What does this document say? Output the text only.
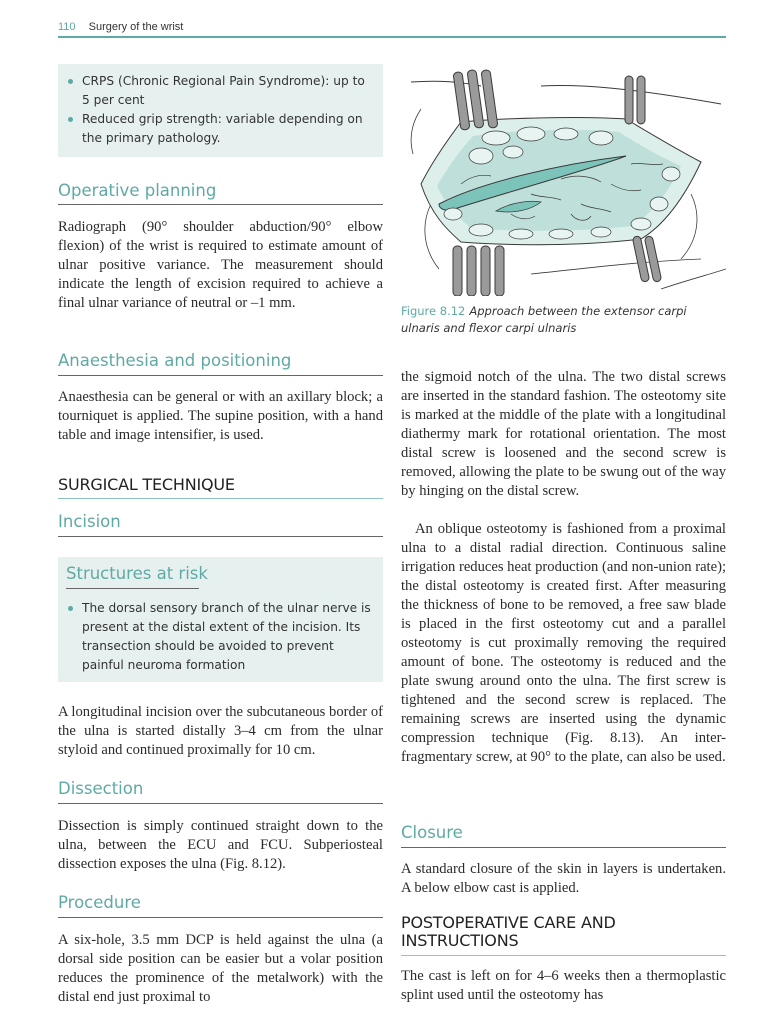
110 Surgery of the wrist
CRPS (Chronic Regional Pain Syndrome): up to 5 per cent
Reduced grip strength: variable depending on the primary pathology.
Operative planning

Radiograph (90° shoulder abduction/90° elbow flexion) of the wrist is required to estimate amount of ulnar positive variance. The measurement should indicate the length of excision required to achieve a final ulnar variance of neutral or –1 mm.

Anaesthesia and positioning

Anaesthesia can be general or with an axillary block; a tourniquet is applied. The supine position, with a hand table and image intensifier, is used.

SURGICAL TECHNIQUE
Incision
Structures at risk
The dorsal sensory branch of the ulnar nerve is present at the distal extent of the incision. Its transection should be avoided to prevent painful neuroma formation

A longitudinal incision over the subcutaneous border of the ulna is started distally 3–4 cm from the ulnar styloid and continued proximally for 10 cm.

Dissection

Dissection is simply continued straight down to the ulna, between the ECU and FCU. Subperiosteal dissection exposes the ulna (Fig. 8.12).

Procedure

A six-hole, 3.5 mm DCP is held against the ulna (a dorsal side position can be easier but a volar position reduces the prominence of the metalwork) with the distal end just proximal to

Figure 8.12 Approach between the extensor carpi ulnaris and flexor carpi ulnaris

the sigmoid notch of the ulna. The two distal screws are inserted in the standard fashion. The osteotomy site is marked at the middle of the plate with a longitudinal diathermy mark for rotational orientation. The most distal screw is loosened and the second screw is removed, allowing the plate to be swung out of the way by hinging on the distal screw.

An oblique osteotomy is fashioned from a proximal ulna to a distal radial direction. Continuous saline irrigation reduces heat production (and non-union rate); the distal osteotomy is created first. After measuring the thickness of bone to be removed, a free saw blade is placed in the first osteotomy cut and a parallel osteotomy is cut proximally removing the required amount of bone. The osteotomy is reduced and the plate swung around onto the ulna. The first screw is tightened and the second screw is replaced. The remaining screws are inserted using the dynamic compression technique (Fig. 8.13). An inter-fragmentary screw, at 90° to the plate, can also be used.

Closure

A standard closure of the skin in layers is undertaken. A below elbow cast is applied.

POSTOPERATIVE CARE AND INSTRUCTIONS

The cast is left on for 4–6 weeks then a thermoplastic splint used until the osteotomy has
